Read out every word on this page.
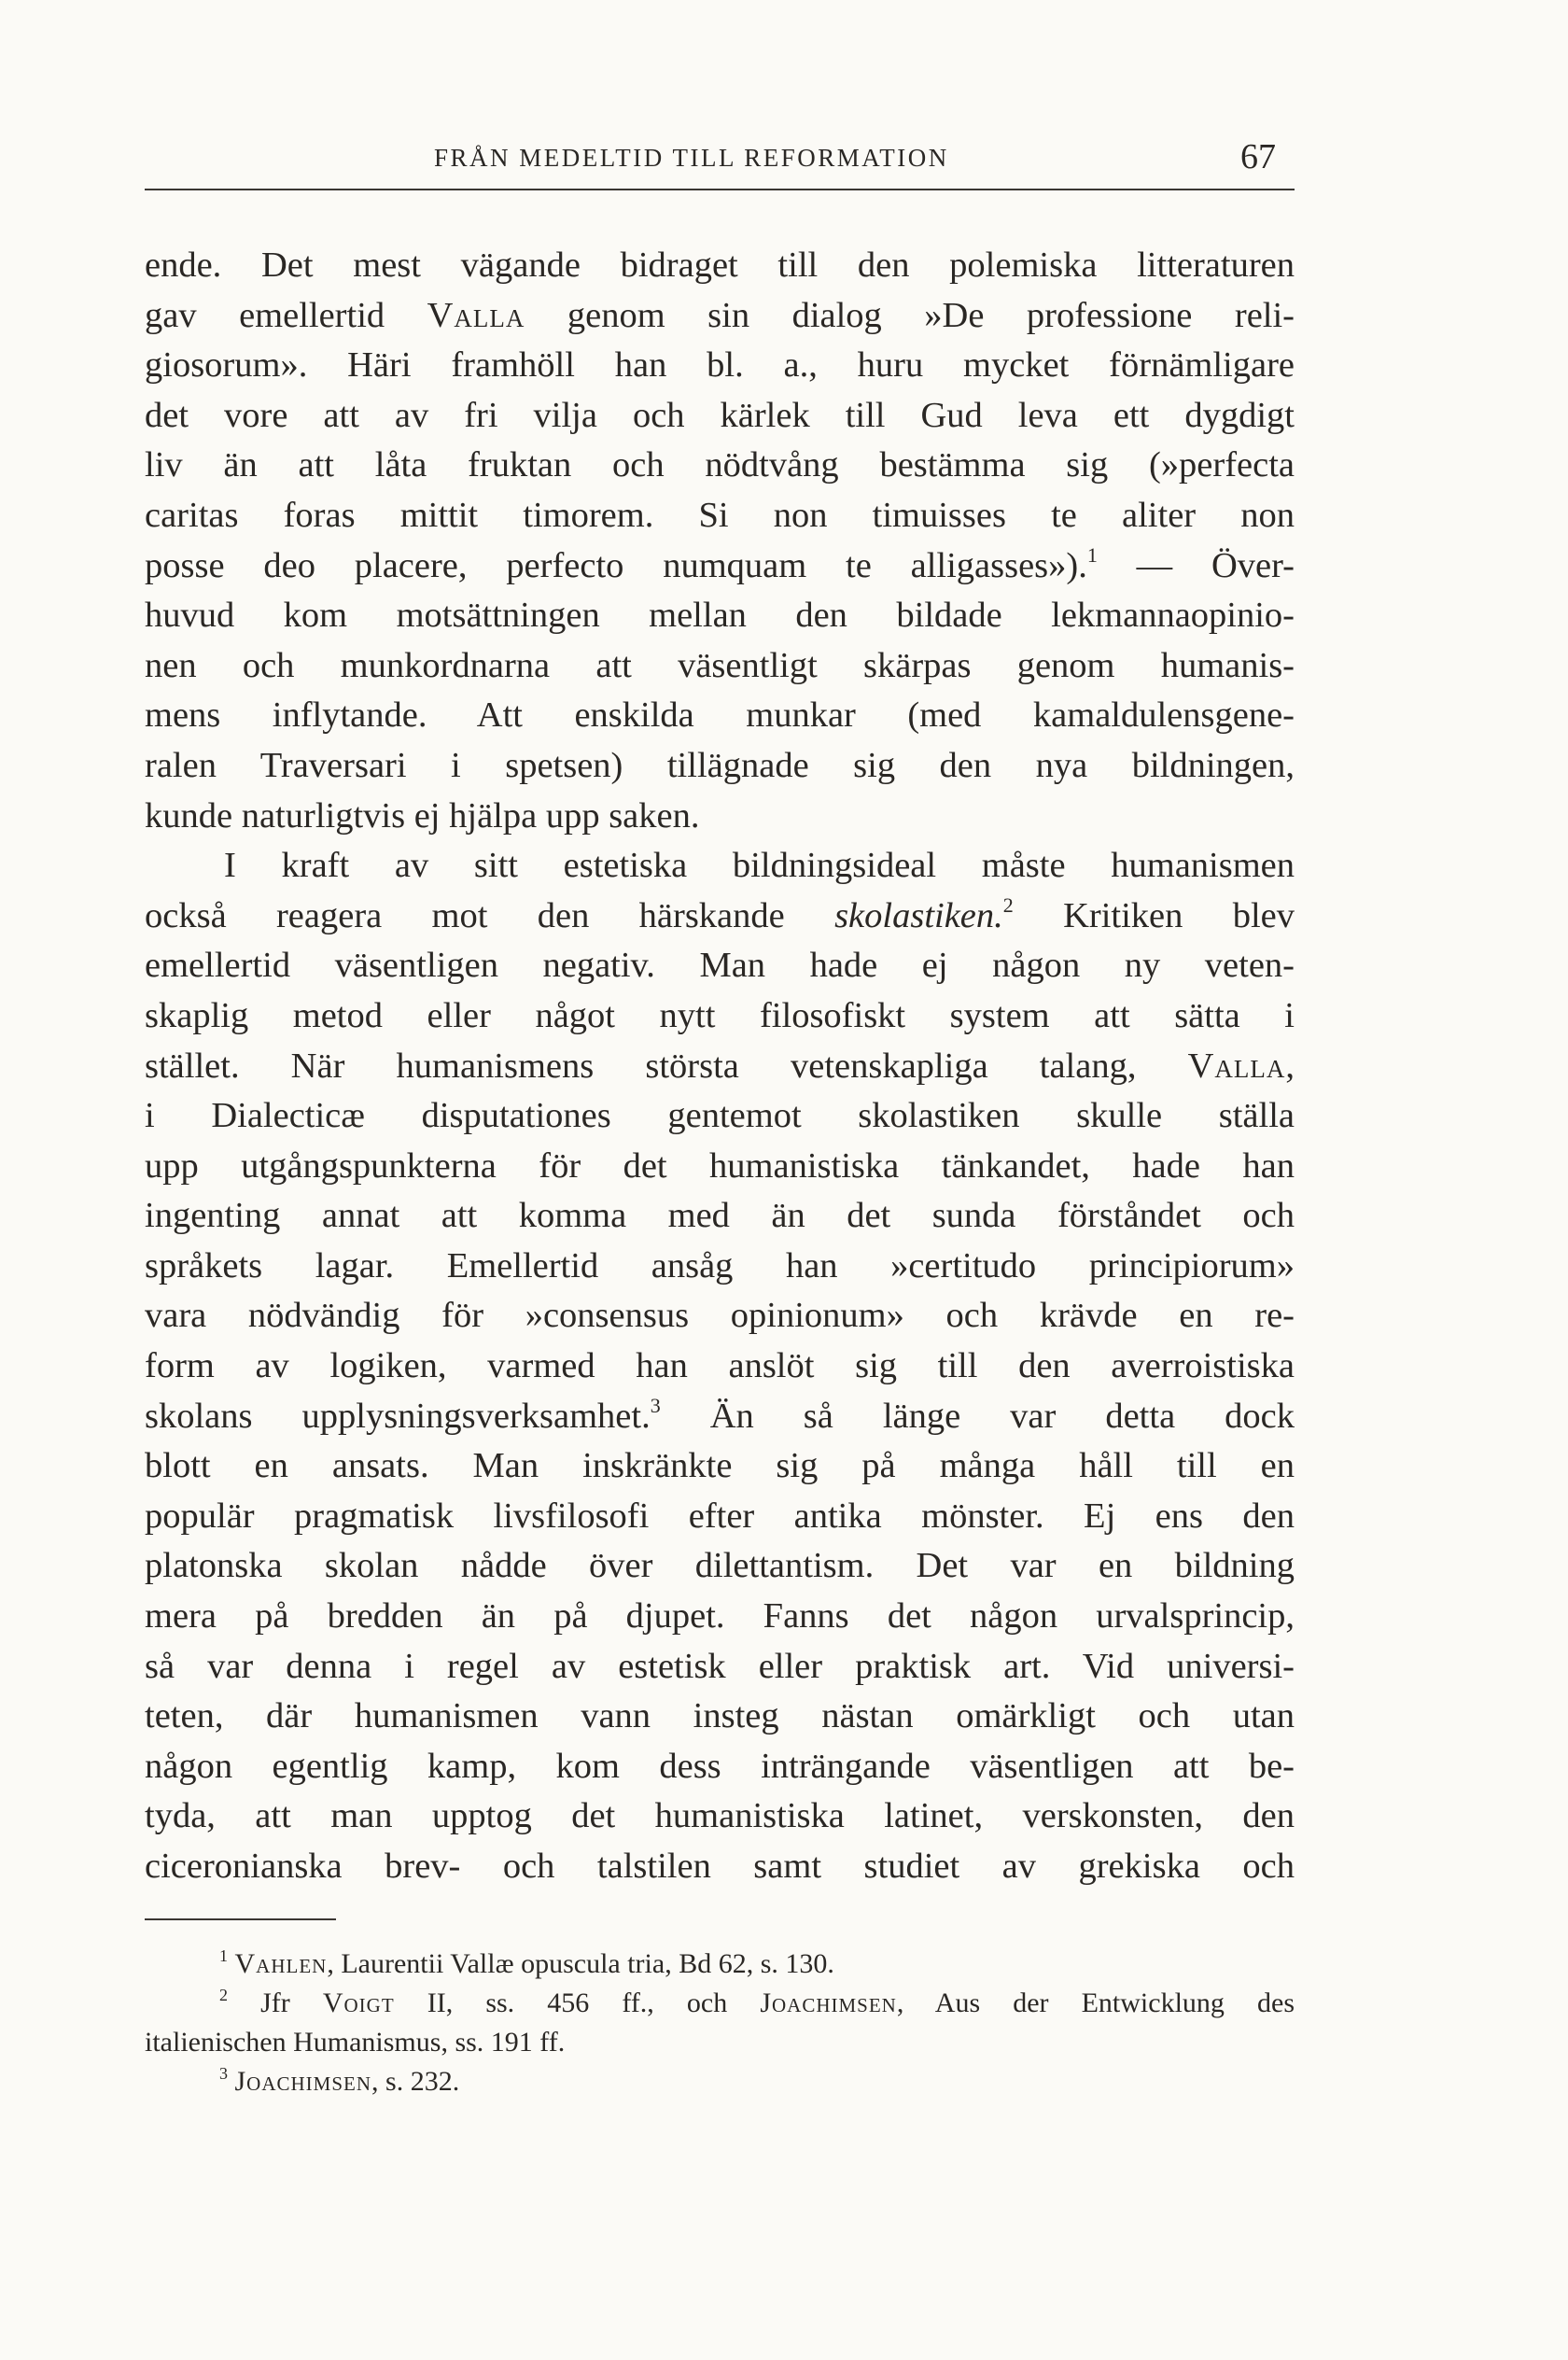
FRÅN MEDELTID TILL REFORMATION	67
ende. Det mest vägande bidraget till den polemiska litteraturen
gav emellertid Valla genom sin dialog »De professione reli-
giosorum». Häri framhöll han bl. a., huru mycket förnämligare
det vore att av fri vilja och kärlek till Gud leva ett dygdigt
liv än att låta fruktan och nödtvång bestämma sig (»perfecta
caritas foras mittit timorem. Si non timuisses te aliter non
posse deo placere, perfecto numquam te alligasses»).$^1$ — Över-
huvud kom motsättningen mellan den bildade lekmannaopinio-
nen och munkordnarna att väsentligt skärpas genom humanis-
mens inflytande. Att enskilda munkar (med kamaldulensgene-
ralen Traversari i spetsen) tillägnade sig den nya bildningen,
kunde naturligtvis ej hjälpa upp saken.
I kraft av sitt estetiska bildningsideal måste humanismen
också reagera mot den härskande skolastiken.$^2$ Kritiken blev
emellertid väsentligen negativ. Man hade ej någon ny veten-
skaplig metod eller något nytt filosofiskt system att sätta i
stället. När humanismens största vetenskapliga talang, Valla,
i Dialecticæ disputationes gentemot skolastiken skulle ställa
upp utgångspunkterna för det humanistiska tänkandet, hade han
ingenting annat att komma med än det sunda förståndet och
språkets lagar. Emellertid ansåg han »certitudo principiorum»
vara nödvändig för »consensus opinionum» och krävde en re-
form av logiken, varmed han anslöt sig till den averroistiska
skolans upplysningsverksamhet.$^3$ Än så länge var detta dock
blott en ansats. Man inskränkte sig på många håll till en
populär pragmatisk livsfilosofi efter antika mönster. Ej ens den
platonska skolan nådde över dilettantism. Det var en bildning
mera på bredden än på djupet. Fanns det någon urvalsprincip,
så var denna i regel av estetisk eller praktisk art. Vid universi-
teten, där humanismen vann insteg nästan omärkligt och utan
någon egentlig kamp, kom dess inträngande väsentligen att be-
tyda, att man upptog det humanistiska latinet, verskonsten, den
ciceronianska brev- och talstilen samt studiet av grekiska och
$^1$ Vahlen, Laurentii Vallæ opuscula tria, Bd 62, s. 130.
$^2$ Jfr Voigt II, ss. 456 ff., och Joachimsen, Aus der Entwicklung des
italienischen Humanismus, ss. 191 ff.
$^3$ Joachimsen, s. 232.
